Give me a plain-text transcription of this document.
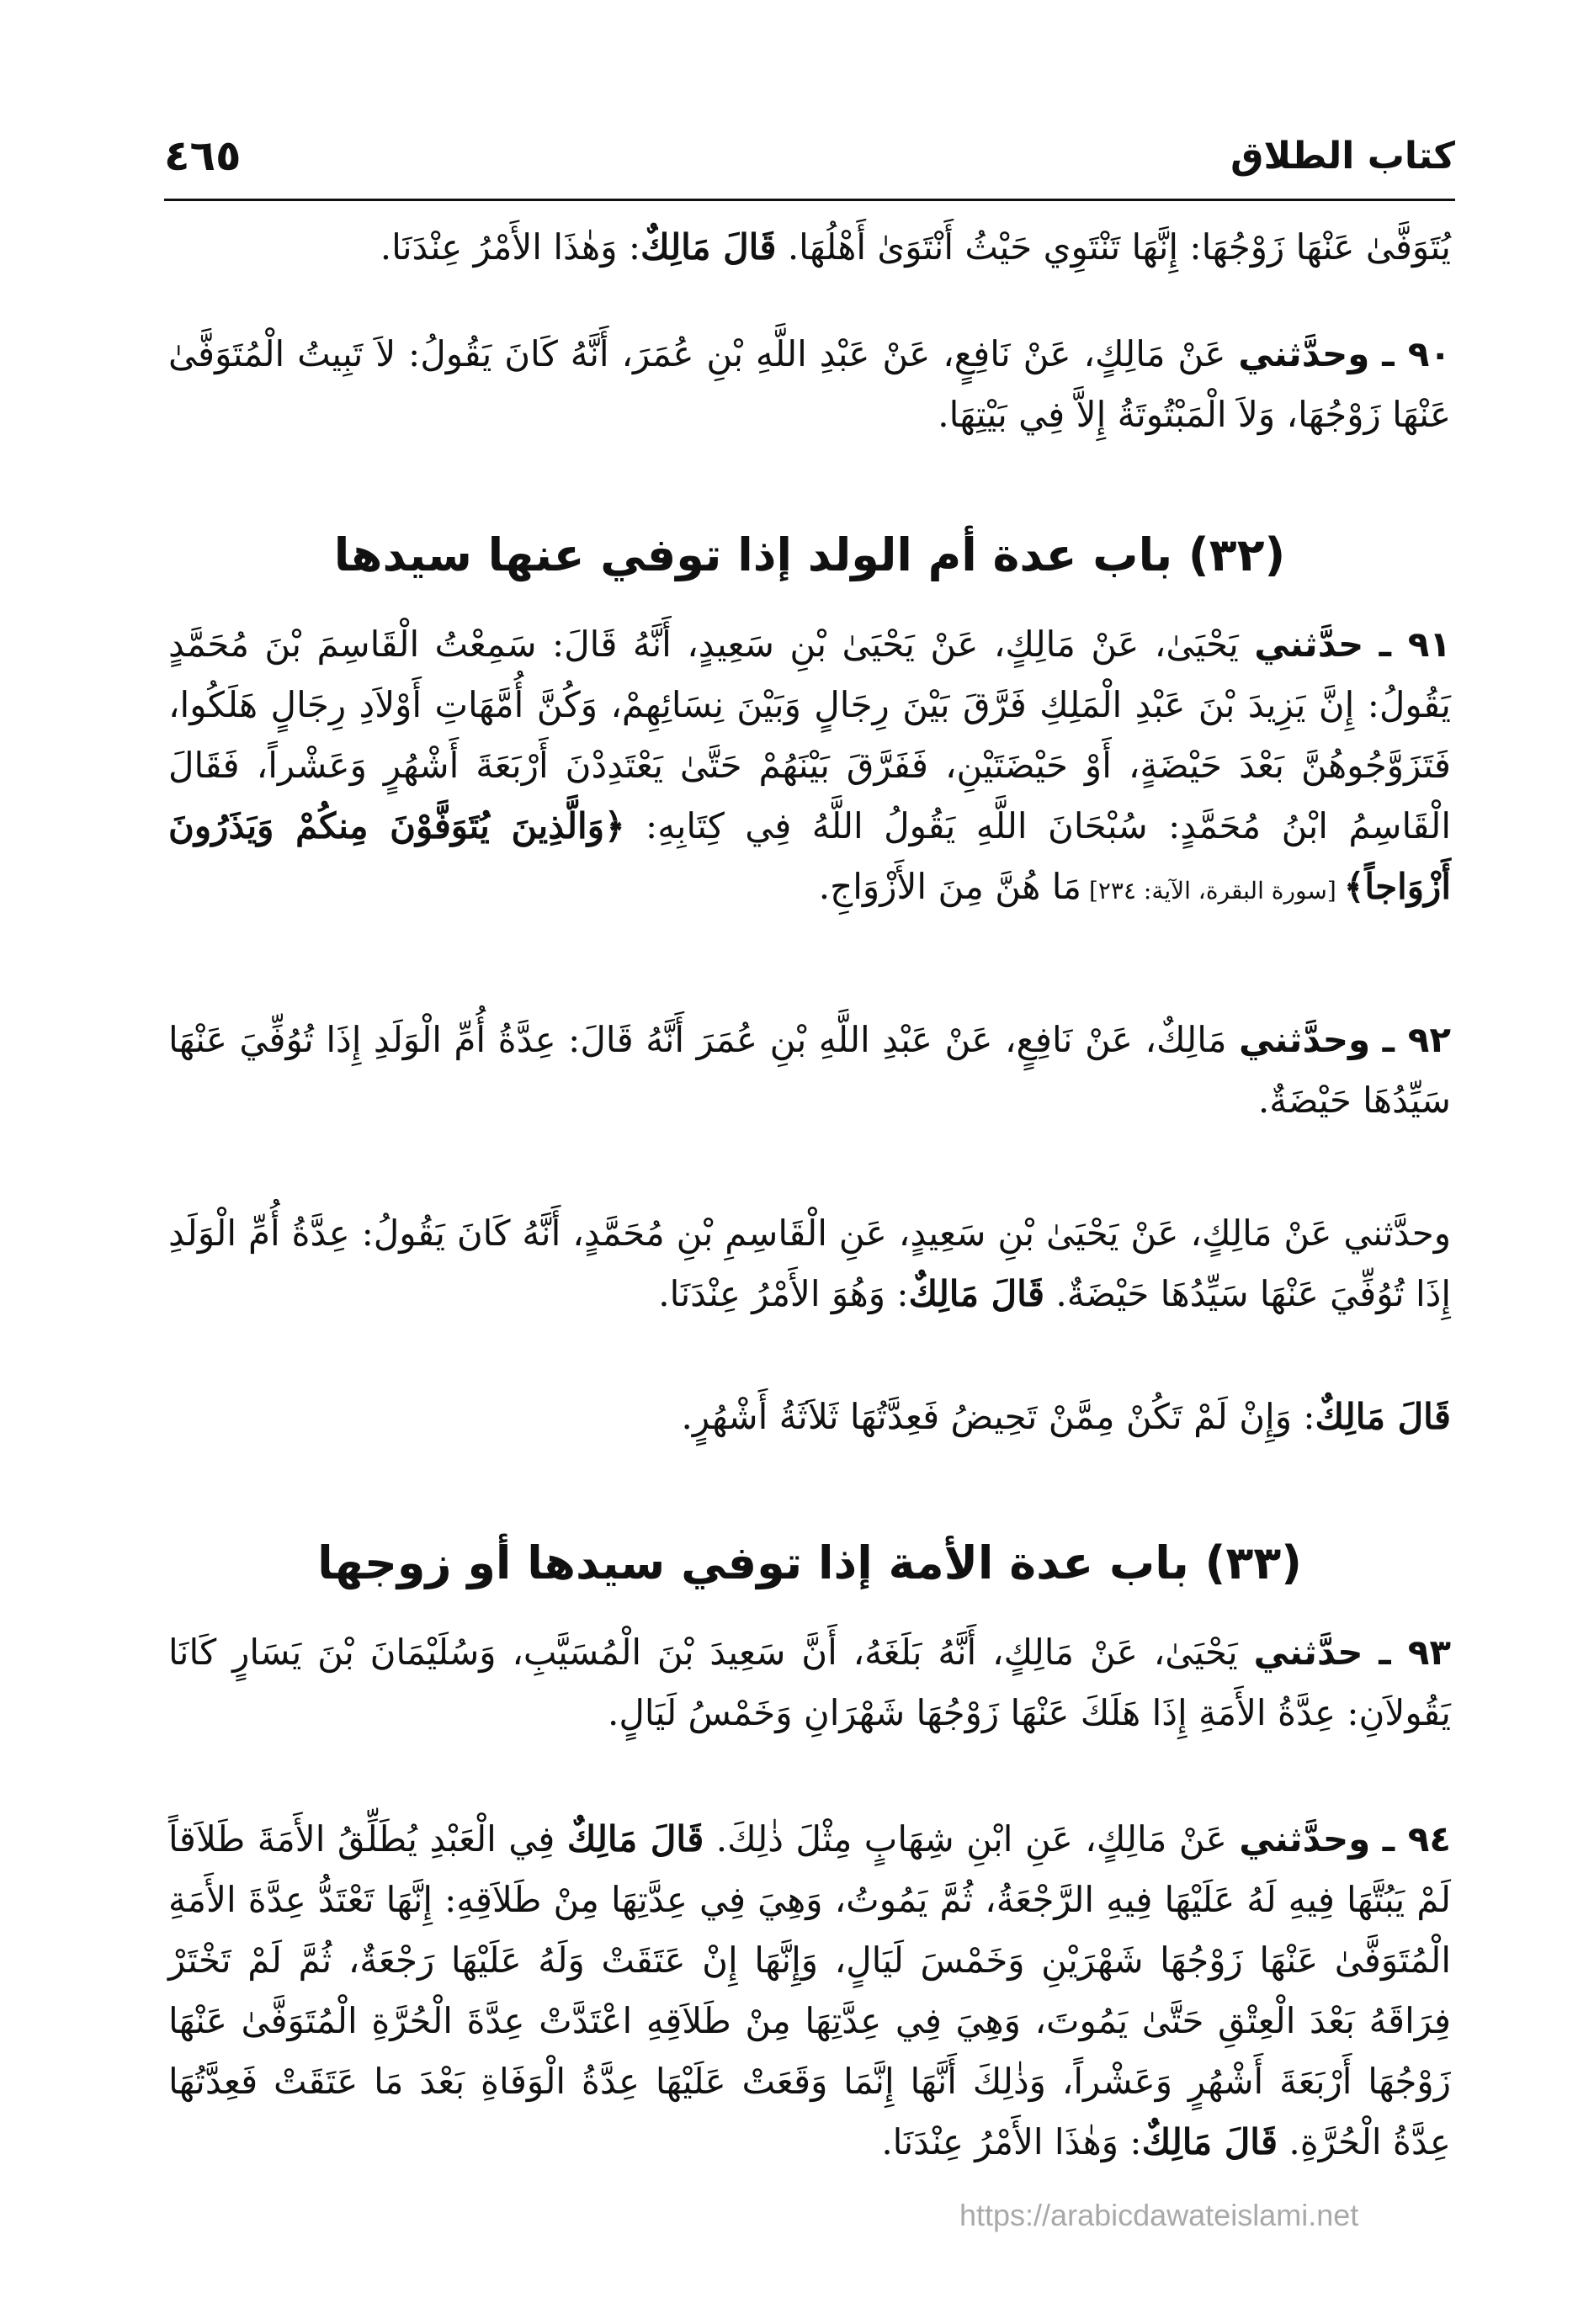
كتاب الطلاق
٤٦٥
يُتَوَفَّىٰ عَنْهَا زَوْجُهَا: إِنَّهَا تَنْتَوِي حَيْثُ أَنْتَوَىٰ أَهْلُهَا. قَالَ مَالِكٌ: وَهٰذَا الأَمْرُ عِنْدَنَا.
٩٠ ـ وحدَّثني عَنْ مَالِكٍ، عَنْ نَافِعٍ، عَنْ عَبْدِ اللَّهِ بْنِ عُمَرَ، أَنَّهُ كَانَ يَقُولُ: لاَ تَبِيتُ الْمُتَوَفَّىٰ عَنْهَا زَوْجُهَا، وَلاَ الْمَبْتُوتَةُ إِلاَّ فِي بَيْتِهَا.
(٣٢) باب عدة أم الولد إذا توفي عنها سيدها
٩١ ـ حدَّثني يَحْيَىٰ، عَنْ مَالِكٍ، عَنْ يَحْيَىٰ بْنِ سَعِيدٍ، أَنَّهُ قَالَ: سَمِعْتُ الْقَاسِمَ بْنَ مُحَمَّدٍ يَقُولُ: إِنَّ يَزِيدَ بْنَ عَبْدِ الْمَلِكِ فَرَّقَ بَيْنَ رِجَالٍ وَبَيْنَ نِسَائِهِمْ، وَكُنَّ أُمَّهَاتِ أَوْلاَدِ رِجَالٍ هَلَكُوا، فَتَزَوَّجُوهُنَّ بَعْدَ حَيْضَةٍ، أَوْ حَيْضَتَيْنِ، فَفَرَّقَ بَيْنَهُمْ حَتَّىٰ يَعْتَدِدْنَ أَرْبَعَةَ أَشْهُرٍ وَعَشْراً، فَقَالَ الْقَاسِمُ ابْنُ مُحَمَّدٍ: سُبْحَانَ اللَّهِ يَقُولُ اللَّهُ فِي كِتَابِهِ: ﴿وَالَّذِينَ يُتَوَفَّوْنَ مِنكُمْ وَيَذَرُونَ أَزْوَاجاً﴾ [سورة البقرة، الآية: ٢٣٤] مَا هُنَّ مِنَ الأَزْوَاجِ.
٩٢ ـ وحدَّثني مَالِكٌ، عَنْ نَافِعٍ، عَنْ عَبْدِ اللَّهِ بْنِ عُمَرَ أَنَّهُ قَالَ: عِدَّةُ أُمِّ الْوَلَدِ إِذَا تُوُفِّيَ عَنْهَا سَيِّدُهَا حَيْضَةٌ.
وحدَّثني عَنْ مَالِكٍ، عَنْ يَحْيَىٰ بْنِ سَعِيدٍ، عَنِ الْقَاسِمِ بْنِ مُحَمَّدٍ، أَنَّهُ كَانَ يَقُولُ: عِدَّةُ أُمِّ الْوَلَدِ إِذَا تُوُفِّيَ عَنْهَا سَيِّدُهَا حَيْضَةٌ. قَالَ مَالِكٌ: وَهُوَ الأَمْرُ عِنْدَنَا.
قَالَ مَالِكٌ: وَإِنْ لَمْ تَكُنْ مِمَّنْ تَحِيضُ فَعِدَّتُهَا ثَلاَثَةُ أَشْهُرٍ.
(٣٣) باب عدة الأمة إذا توفي سيدها أو زوجها
٩٣ ـ حدَّثني يَحْيَىٰ، عَنْ مَالِكٍ، أَنَّهُ بَلَغَهُ، أَنَّ سَعِيدَ بْنَ الْمُسَيَّبِ، وَسُلَيْمَانَ بْنَ يَسَارٍ كَانَا يَقُولاَنِ: عِدَّةُ الأَمَةِ إِذَا هَلَكَ عَنْهَا زَوْجُهَا شَهْرَانِ وَخَمْسُ لَيَالٍ.
٩٤ ـ وحدَّثني عَنْ مَالِكٍ، عَنِ ابْنِ شِهَابٍ مِثْلَ ذٰلِكَ. قَالَ مَالِكٌ فِي الْعَبْدِ يُطَلِّقُ الأَمَةَ طَلاَقاً لَمْ يَبُتَّهَا فِيهِ لَهُ عَلَيْهَا فِيهِ الرَّجْعَةُ، ثُمَّ يَمُوتُ، وَهِيَ فِي عِدَّتِهَا مِنْ طَلاَقِهِ: إِنَّهَا تَعْتَدُّ عِدَّةَ الأَمَةِ الْمُتَوَفَّىٰ عَنْهَا زَوْجُهَا شَهْرَيْنِ وَخَمْسَ لَيَالٍ، وَإِنَّهَا إِنْ عَتَقَتْ وَلَهُ عَلَيْهَا رَجْعَةٌ، ثُمَّ لَمْ تَخْتَرْ فِرَاقَهُ بَعْدَ الْعِتْقِ حَتَّىٰ يَمُوتَ، وَهِيَ فِي عِدَّتِهَا مِنْ طَلاَقِهِ اعْتَدَّتْ عِدَّةَ الْحُرَّةِ الْمُتَوَفَّىٰ عَنْهَا زَوْجُهَا أَرْبَعَةَ أَشْهُرٍ وَعَشْراً، وَذٰلِكَ أَنَّهَا إِنَّمَا وَقَعَتْ عَلَيْهَا عِدَّةُ الْوَفَاةِ بَعْدَ مَا عَتَقَتْ فَعِدَّتُهَا عِدَّةُ الْحُرَّةِ. قَالَ مَالِكٌ: وَهٰذَا الأَمْرُ عِنْدَنَا.
https://arabicdawateislami.net
